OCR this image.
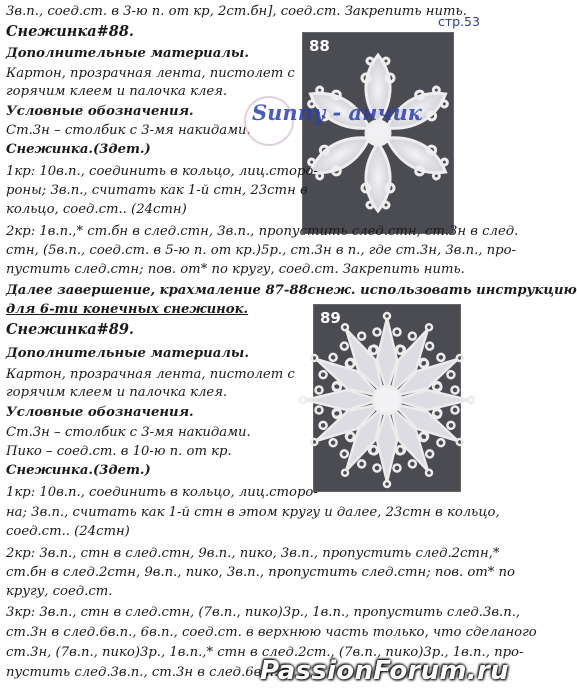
88
89
стр.53
3в.п., соед.ст. в 3-ю п. от кр, 2ст.бн], соед.ст. Закрепить нить.
Снежинка#88.
Дополнительные материалы.
Картон, прозрачная лента, пистолет с
горячим клеем и палочка клея.
Условные обозначения.
Ст.3н – столбик с 3-мя накидами.
Снежинка.(3дет.)
1кр: 10в.п., соединить в кольцо, лиц.сторо-
роны; 3в.п., считать как 1-й стн, 23стн в
кольцо, соед.ст.. (24стн)
2кр: 1в.п.,* ст.бн в след.стн, 3в.п., пропустить след.стн, ст.3н в след.
стн, (5в.п., соед.ст. в 5-ю п. от кр.)5р., ст.3н в п., где ст.3н, 3в.п., про-
пустить след.стн; пов. от* по кругу, соед.ст. Закрепить нить.
Далее завершение, крахмаление 87-88снеж. использовать инструкцию
для 6-ти конечных снежинок.
Снежинка#89.
Дополнительные материалы.
Картон, прозрачная лента, пистолет с
горячим клеем и палочка клея.
Условные обозначения.
Ст.3н – столбик с 3-мя накидами.
Пико – соед.ст. в 10-ю п. от кр.
Снежинка.(3дет.)
1кр: 10в.п., соединить в кольцо, лиц.сторо-
на; 3в.п., считать как 1-й стн в этом кругу и далее, 23стн в кольцо,
соед.ст.. (24стн)
2кр: 3в.п., стн в след.стн, 9в.п., пико, 3в.п., пропустить след.2стн,*
ст.бн в след.2стн, 9в.п., пико, 3в.п., пропустить след.стн; пов. от* по
кругу, соед.ст.
3кр: 3в.п., стн в след.стн, (7в.п., пико)3р., 1в.п., пропустить след.3в.п.,
ст.3н в след.6в.п., 6в.п., соед.ст. в верхнюю часть только, что сделаного
ст.3н, (7в.п., пико)3р., 1в.п.,* стн в след.2ст., (7в.п., пико)3р., 1в.п., про-
пустить след.3в.п., ст.3н в след.6в.п.
Sunny - анчик
PassionForum.ru
